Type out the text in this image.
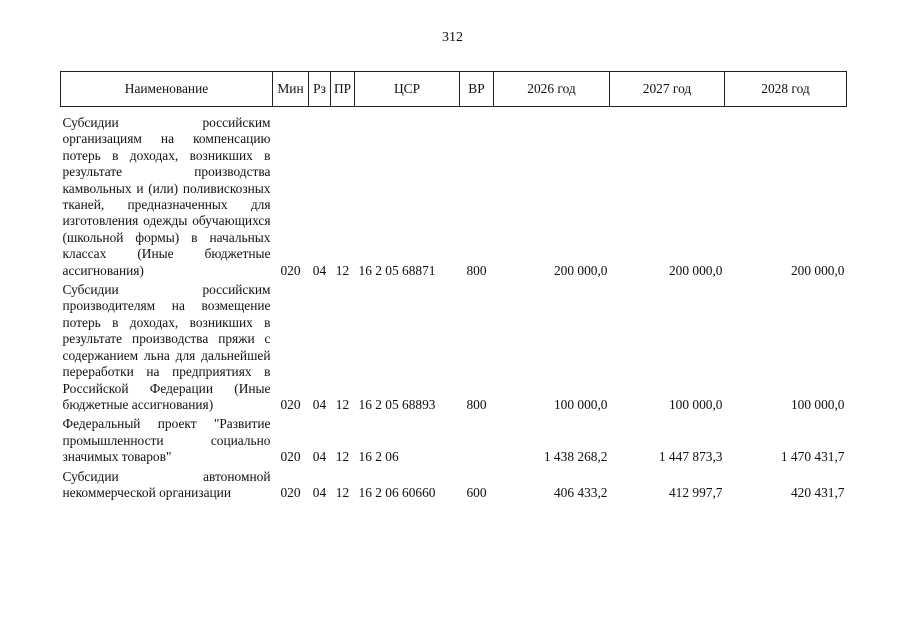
312
Наименование	Мин	Рз	ПР	ЦСР	ВР	2026 год	2027 год	2028 год
Субсидии российским организациям на компенсацию потерь в доходах, возникших в результате производства камвольных и (или) поливискозных тканей, предназначенных для изготовления одежды обучающихся (школьной формы) в начальных классах (Иные бюджетные ассигнования)	020	04	12	16 2 05 68871	800	200 000,0	200 000,0	200 000,0
Субсидии российским производителям на возмещение потерь в доходах, возникших в результате производства пряжи с содержанием льна для дальнейшей переработки на предприятиях в Российской Федерации (Иные бюджетные ассигнования)	020	04	12	16 2 05 68893	800	100 000,0	100 000,0	100 000,0
Федеральный проект "Развитие промышленности социально значимых товаров"	020	04	12	16 2 06		1 438 268,2	1 447 873,3	1 470 431,7
Субсидии автономной некоммерческой организации	020	04	12	16 2 06 60660	600	406 433,2	412 997,7	420 431,7
